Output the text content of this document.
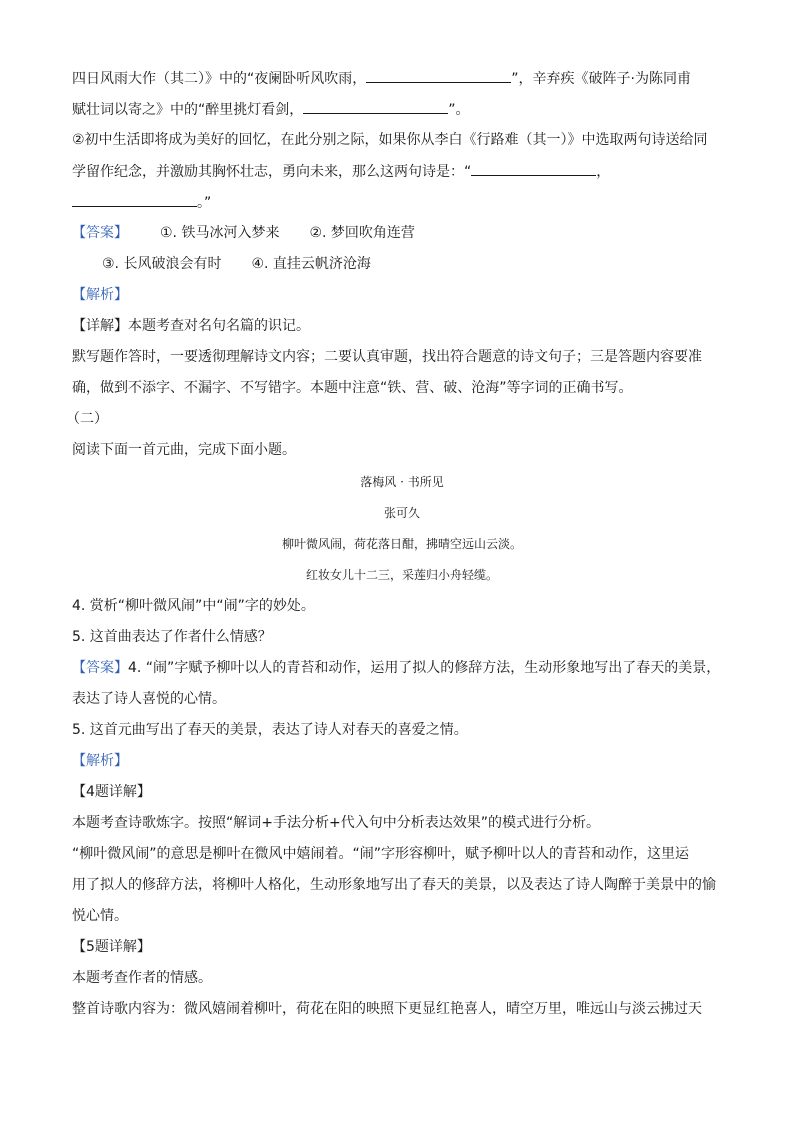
四日风雨大作（其二）》中的“夜阑卧听风吹雨，	”，辛弃疾《破阵子·为陈同甫
赋壮词以寄之》中的“醉里挑灯看剑，	”。
②初中生活即将成为美好的回忆，在此分别之际，如果你从李白《行路难（其一）》中选取两句诗送给同
学留作纪念，并激励其胸怀壮志，勇向未来，那么这两句诗是：“	，
。”
【答案】 ①. 铁马冰河入梦来 ②. 梦回吹角连营
③. 长风破浪会有时 ④. 直挂云帆济沧海
【解析】
【详解】本题考查对名句名篇的识记。
默写题作答时，一要透彻理解诗文内容；二要认真审题，找出符合题意的诗文句子；三是答题内容要准
确，做到不添字、不漏字、不写错字。本题中注意“铁、营、破、沧海”等字词的正确书写。
（二）
阅读下面一首元曲，完成下面小题。
落梅风 · 书所见
张可久
柳叶微风闹，荷花落日酣，拂晴空远山云淡。
红妆女儿十二三，采莲归小舟轻缆。
4. 赏析“柳叶微风闹”中“闹”字的妙处。
5. 这首曲表达了作者什么情感？
【答案】4. “闹”字赋予柳叶以人的青苔和动作，运用了拟人的修辞方法，生动形象地写出了春天的美景，
表达了诗人喜悦的心情。
5. 这首元曲写出了春天的美景，表达了诗人对春天的喜爱之情。
【解析】
【4题详解】
本题考查诗歌炼字。按照“解词+手法分析+代入句中分析表达效果”的模式进行分析。
“柳叶微风闹”的意思是柳叶在微风中嬉闹着。“闹”字形容柳叶，赋予柳叶以人的青苔和动作，这里运
用了拟人的修辞方法，将柳叶人格化，生动形象地写出了春天的美景，以及表达了诗人陶醉于美景中的愉
悦心情。
【5题详解】
本题考查作者的情感。
整首诗歌内容为：微风嬉闹着柳叶，荷花在阳的映照下更显红艳喜人，晴空万里，唯远山与淡云拂过天
